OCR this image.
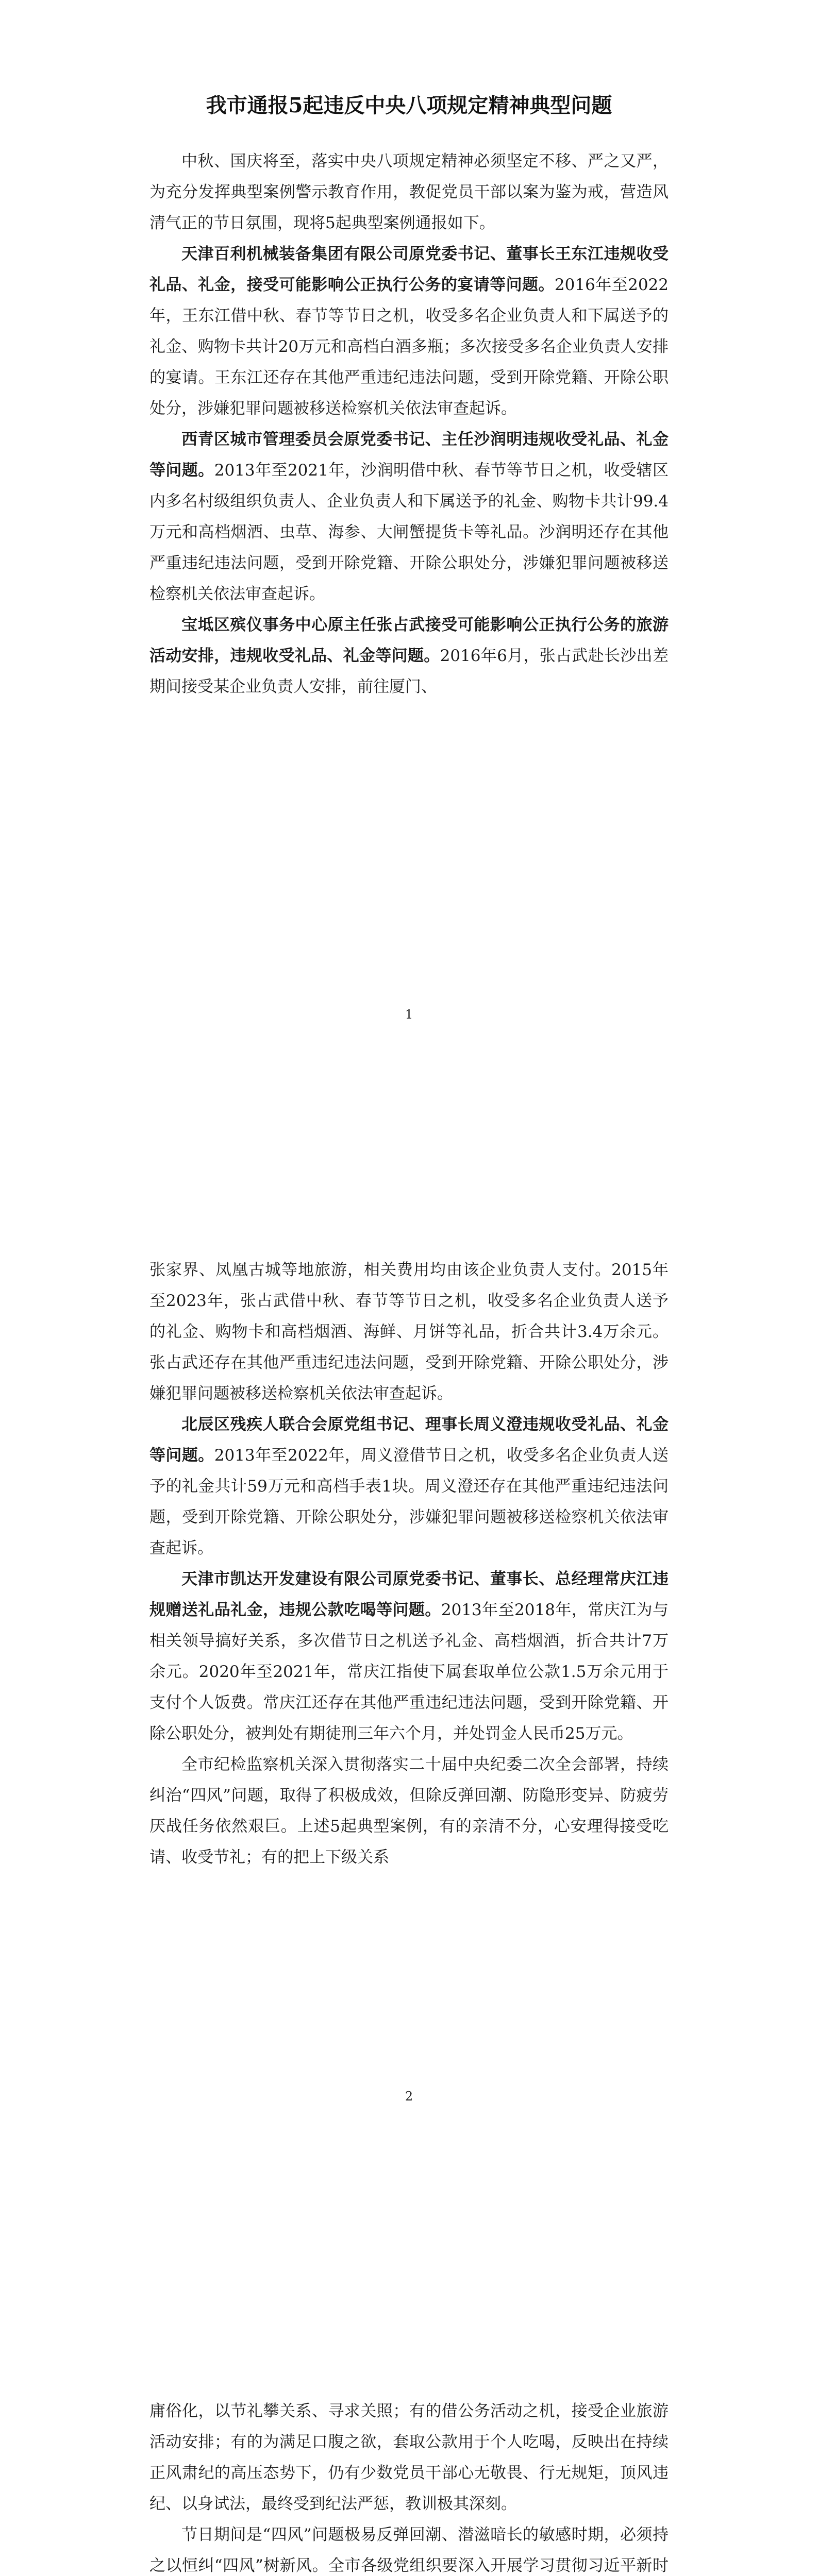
我市通报5起违反中央八项规定精神典型问题

中秋、国庆将至，落实中央八项规定精神必须坚定不移、严之又严，为充分发挥典型案例警示教育作用，教促党员干部以案为鉴为戒，营造风清气正的节日氛围，现将5起典型案例通报如下。

天津百利机械装备集团有限公司原党委书记、董事长王东江违规收受礼品、礼金，接受可能影响公正执行公务的宴请等问题。2016年至2022年，王东江借中秋、春节等节日之机，收受多名企业负责人和下属送予的礼金、购物卡共计20万元和高档白酒多瓶；多次接受多名企业负责人安排的宴请。王东江还存在其他严重违纪违法问题，受到开除党籍、开除公职处分，涉嫌犯罪问题被移送检察机关依法审查起诉。

西青区城市管理委员会原党委书记、主任沙润明违规收受礼品、礼金等问题。2013年至2021年，沙润明借中秋、春节等节日之机，收受辖区内多名村级组织负责人、企业负责人和下属送予的礼金、购物卡共计99.4万元和高档烟酒、虫草、海参、大闸蟹提货卡等礼品。沙润明还存在其他严重违纪违法问题，受到开除党籍、开除公职处分，涉嫌犯罪问题被移送检察机关依法审查起诉。

宝坻区殡仪事务中心原主任张占武接受可能影响公正执行公务的旅游活动安排，违规收受礼品、礼金等问题。2016年6月，张占武赴长沙出差期间接受某企业负责人安排，前往厦门、

1

张家界、凤凰古城等地旅游，相关费用均由该企业负责人支付。2015年至2023年，张占武借中秋、春节等节日之机，收受多名企业负责人送予的礼金、购物卡和高档烟酒、海鲜、月饼等礼品，折合共计3.4万余元。张占武还存在其他严重违纪违法问题，受到开除党籍、开除公职处分，涉嫌犯罪问题被移送检察机关依法审查起诉。

北辰区残疾人联合会原党组书记、理事长周义澄违规收受礼品、礼金等问题。2013年至2022年，周义澄借节日之机，收受多名企业负责人送予的礼金共计59万元和高档手表1块。周义澄还存在其他严重违纪违法问题，受到开除党籍、开除公职处分，涉嫌犯罪问题被移送检察机关依法审查起诉。

天津市凯达开发建设有限公司原党委书记、董事长、总经理常庆江违规赠送礼品礼金，违规公款吃喝等问题。2013年至2018年，常庆江为与相关领导搞好关系，多次借节日之机送予礼金、高档烟酒，折合共计7万余元。2020年至2021年，常庆江指使下属套取单位公款1.5万余元用于支付个人饭费。常庆江还存在其他严重违纪违法问题，受到开除党籍、开除公职处分，被判处有期徒刑三年六个月，并处罚金人民币25万元。

全市纪检监察机关深入贯彻落实二十届中央纪委二次全会部署，持续纠治“四风”问题，取得了积极成效，但除反弹回潮、防隐形变异、防疲劳厌战任务依然艰巨。上述5起典型案例，有的亲清不分，心安理得接受吃请、收受节礼；有的把上下级关系

2

庸俗化，以节礼攀关系、寻求关照；有的借公务活动之机，接受企业旅游活动安排；有的为满足口腹之欲，套取公款用于个人吃喝，反映出在持续正风肃纪的高压态势下，仍有少数党员干部心无敬畏、行无规矩，顶风违纪、以身试法，最终受到纪法严惩，教训极其深刻。

节日期间是“四风”问题极易反弹回潮、潜滋暗长的敏感时期，必须持之以恒纠“四风”树新风。全市各级党组织要深入开展学习贯彻习近平新时
